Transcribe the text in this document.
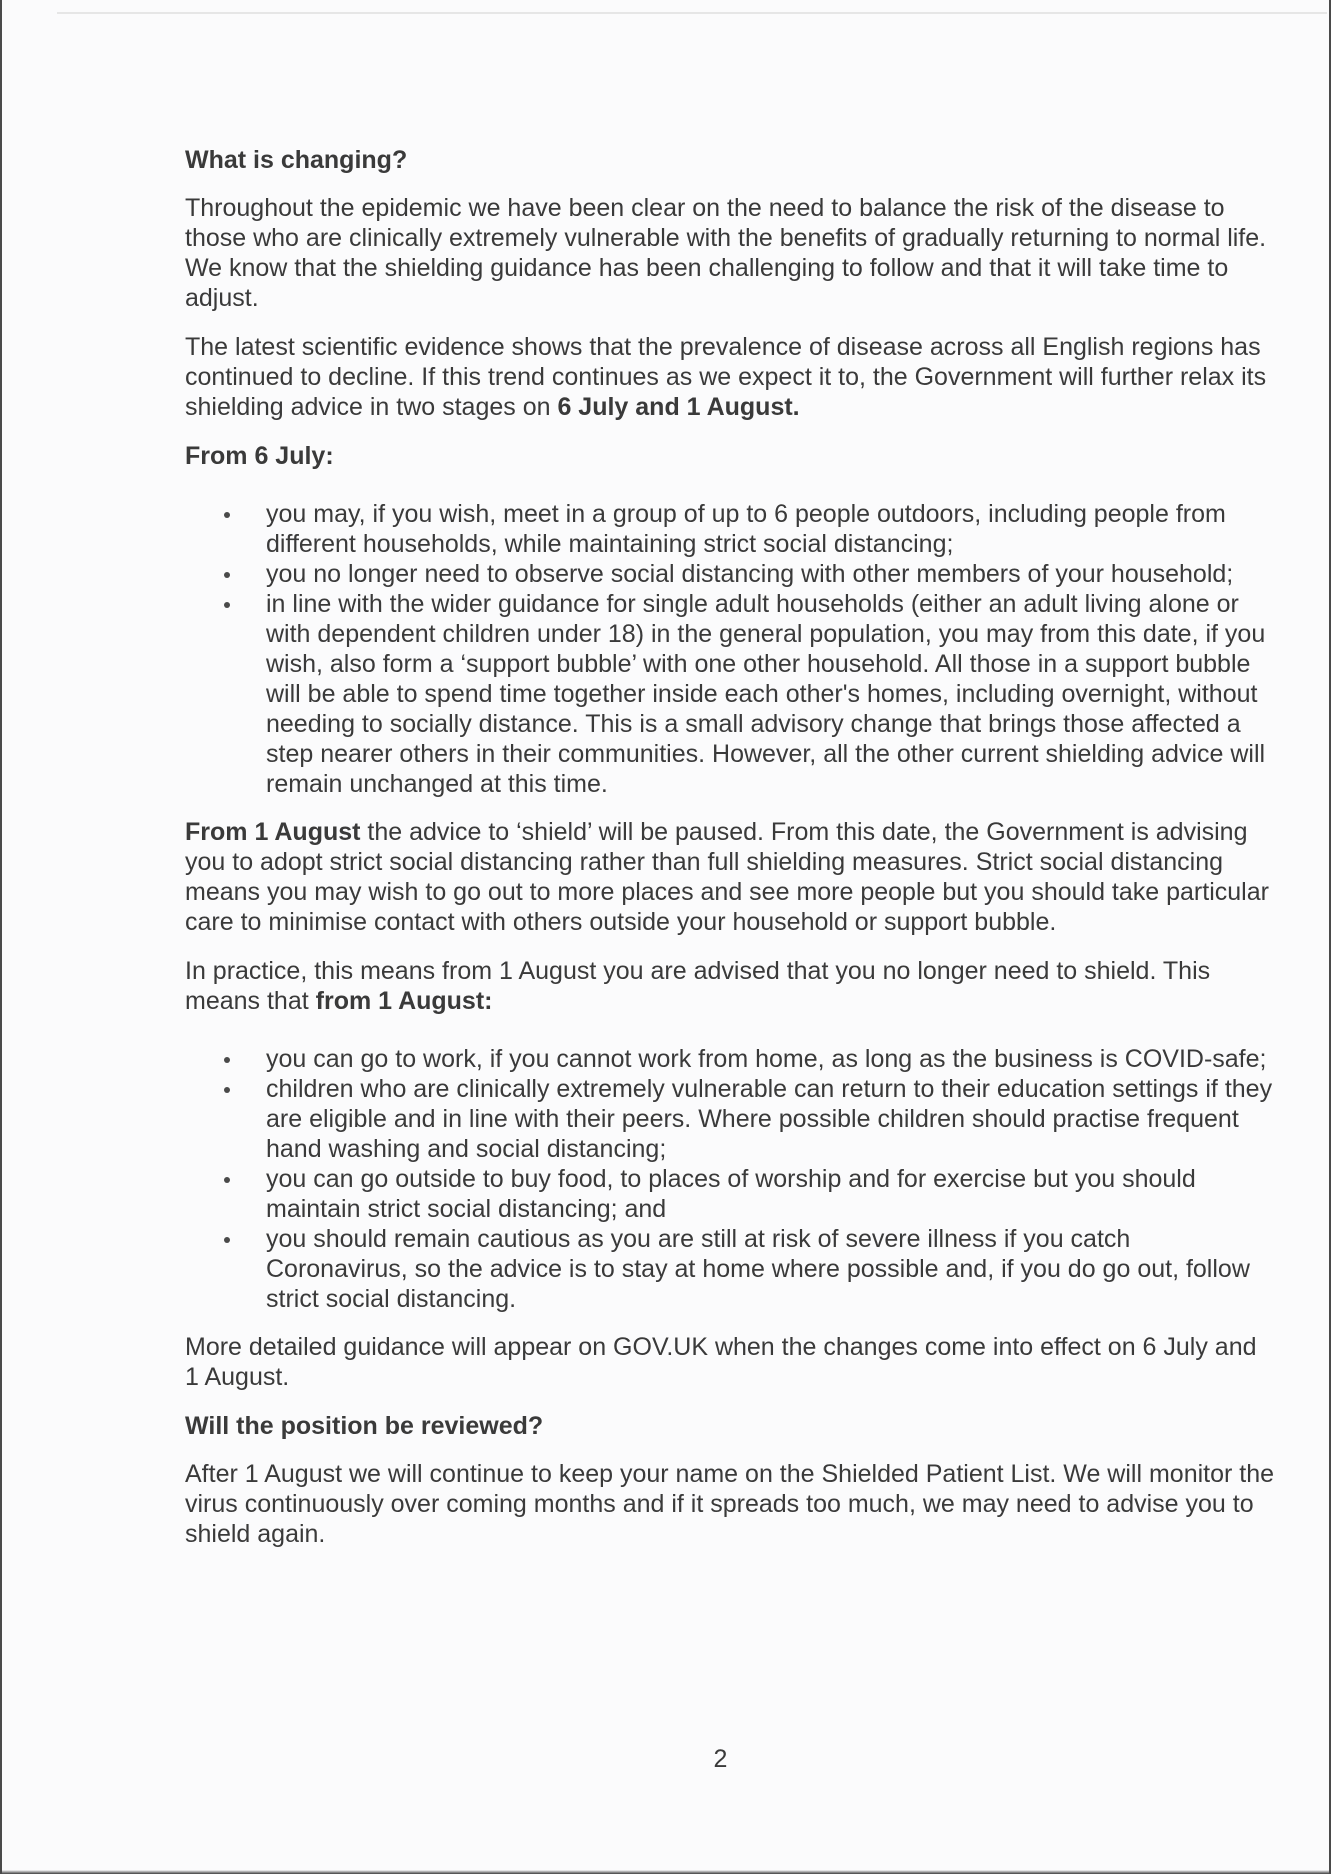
What is changing?

Throughout the epidemic we have been clear on the need to balance the risk of the disease to those who are clinically extremely vulnerable with the benefits of gradually returning to normal life. We know that the shielding guidance has been challenging to follow and that it will take time to adjust.

The latest scientific evidence shows that the prevalence of disease across all English regions has continued to decline. If this trend continues as we expect it to, the Government will further relax its shielding advice in two stages on 6 July and 1 August.

From 6 July:
you may, if you wish, meet in a group of up to 6 people outdoors, including people from different households, while maintaining strict social distancing;
you no longer need to observe social distancing with other members of your household;
in line with the wider guidance for single adult households (either an adult living alone or with dependent children under 18) in the general population, you may from this date, if you wish, also form a ‘support bubble’ with one other household. All those in a support bubble will be able to spend time together inside each other's homes, including overnight, without needing to socially distance. This is a small advisory change that brings those affected a step nearer others in their communities. However, all the other current shielding advice will remain unchanged at this time.

From 1 August the advice to ‘shield’ will be paused. From this date, the Government is advising you to adopt strict social distancing rather than full shielding measures. Strict social distancing means you may wish to go out to more places and see more people but you should take particular care to minimise contact with others outside your household or support bubble.

In practice, this means from 1 August you are advised that you no longer need to shield. This means that from 1 August:

you can go to work, if you cannot work from home, as long as the business is COVID-safe;
children who are clinically extremely vulnerable can return to their education settings if they are eligible and in line with their peers. Where possible children should practise frequent hand washing and social distancing;
you can go outside to buy food, to places of worship and for exercise but you should maintain strict social distancing; and
you should remain cautious as you are still at risk of severe illness if you catch Coronavirus, so the advice is to stay at home where possible and, if you do go out, follow strict social distancing.

More detailed guidance will appear on GOV.UK when the changes come into effect on 6 July and 1 August.

Will the position be reviewed?

After 1 August we will continue to keep your name on the Shielded Patient List. We will monitor the virus continuously over coming months and if it spreads too much, we may need to advise you to shield again.

2
